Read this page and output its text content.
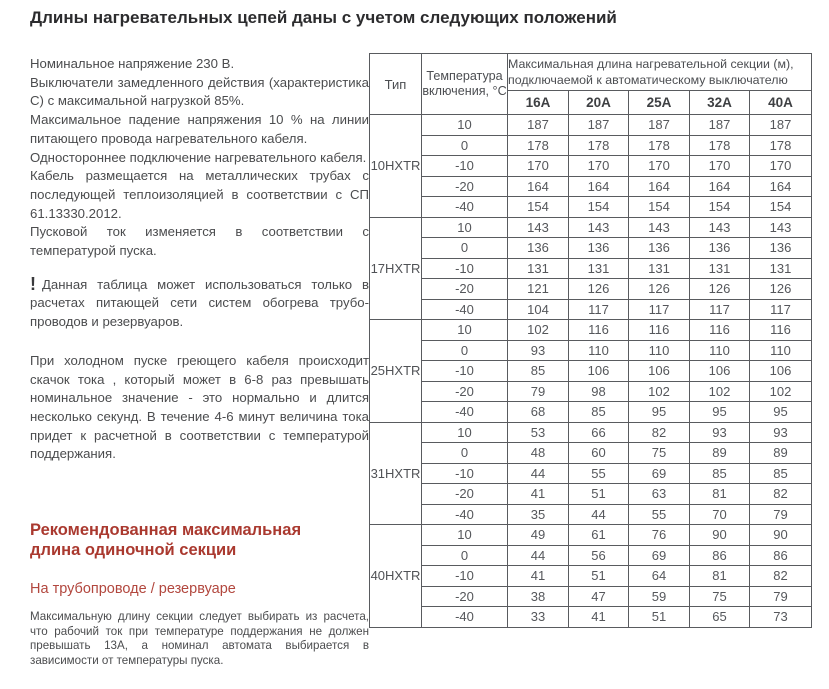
Длины нагревательных цепей даны с учетом следующих положений

Номинальное напряжение 230 В.

Выключатели замедленного действия (характеристика С) с максимальной нагрузкой 85%.

Максимальное падение напряжения 10 % на линии питающего провода нагревательного кабеля.

Одностороннее подключение нагревательного кабеля.

Кабель размещается на металлических трубах с последующей теплоизоляцией в соответствии с СП 61.13330.2012.

Пусковой ток изменяется в соответствии с температурой пуска.

! Данная таблица может использоваться только в расчетах питающей сети систем обогрева трубопроводов и резервуаров.

При холодном пуске греющего кабеля происходит скачок тока , который может в 6-8 раз превышать номинальное значение - это нормально и длится несколько секунд. В течение 4-6 минут величина тока придет к расчетной в соответствии с температурой поддержания.

Рекомендованная максимальная длина одиночной секции
На трубопроводе / резервуаре

Максимальную длину секции следует выбирать из расчета, что рабочий ток при температуре поддержания не должен превышать 13А, а номинал автомата выбирается в зависимости от температуры пуска.

Тип	Температура включения, °С	Максимальная длина нагревательной секции (м), подключаемой к автоматическому выключателю				
		16A	20A	25A	32A	40A
10HXTR	10	187	187	187	187	187
	0	178	178	178	178	178
	-10	170	170	170	170	170
	-20	164	164	164	164	164
	-40	154	154	154	154	154
17HXTR	10	143	143	143	143	143
	0	136	136	136	136	136
	-10	131	131	131	131	131
	-20	121	126	126	126	126
	-40	104	117	117	117	117
25HXTR	10	102	116	116	116	116
	0	93	110	110	110	110
	-10	85	106	106	106	106
	-20	79	98	102	102	102
	-40	68	85	95	95	95
31HXTR	10	53	66	82	93	93
	0	48	60	75	89	89
	-10	44	55	69	85	85
	-20	41	51	63	81	82
	-40	35	44	55	70	79
40HXTR	10	49	61	76	90	90
	0	44	56	69	86	86
	-10	41	51	64	81	82
	-20	38	47	59	75	79
	-40	33	41	51	65	73
